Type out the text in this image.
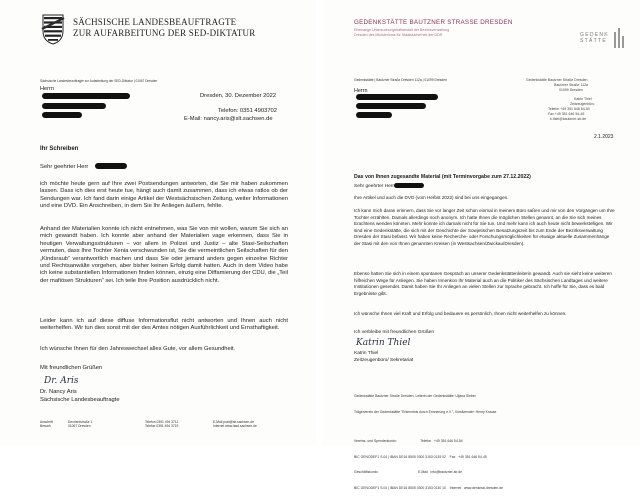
SÄCHSISCHE LANDESBEAUFTRAGTE
ZUR AUFARBEITUNG DER SED-DIKTATUR
Sächsische Landesbeauftragte zur Aufarbeitung der SED-Diktatur | 01067 Dresden
Herrn
Dresden, 30. Dezember 2022
Telefon: 0351 4903702
E-Mail: nancy.aris@slt.sachsen.de
Ihr Schreiben
Sehr geehrter Herr
ich möchte heute gern auf Ihre zwei Postsendungen antworten, die Sie mir haben zukommen lassen. Dass ich dies erst heute tue, hängt auch damit zusammen, dass ich etwas ratlos ob der Sendungen war. Ich fand darin einige Artikel der Westsächsischen Zeitung, weiter Informationen und eine DVD. Ein Anschreiben, in dem Sie Ihr Anliegen äußern, fehlte.
Anhand der Materialien konnte ich nicht entnehmen, was Sie von mir wollen, warum Sie sich an mich gewandt haben. Ich konnte aber anhand der Materialien vage erkennen, dass Sie in heutigen Verwaltungsstrukturen – vor allem in Polizei und Justiz – alte Stasi-Seilschaften vermuten, dass Ihre Tochter Xenia verschwunden ist, Sie die vermeintlichen Seilschaften für den „Kindsraub“ verantwortlich machen und dass Sie oder jemand anders gegen einzelne Richter und Rechtsanwälte vorgehen, aber bisher keinen Erfolg damit hatten. Auch in dem Video habe ich keine substantiellen Informationen finden können, einzig eine Diffamierung der CDU, die „Teil der mafiösen Strukturen“ sei. Ich teile Ihre Position ausdrücklich nicht.
Leider kann ich auf diese diffuse Informationsflut nicht antworten und Ihnen auch nicht weiterhelfen. Wir tun dies sonst mit der des Amtes nötigen Ausführlichkeit und Ernsthaftigkeit.
Ich wünsche Ihnen für den Jahreswechsel alles Gute, vor allem Gesundheit.
Mit freundlichen Grüßen
Dr. Aris
Dr. Nancy Aris
Sächsische Landesbeauftragte
Anschrift
Besuch
Devrientstraße 1
01067 Dresden
Telefon 0351 494 3711
Telefax 0351 494 3719
E-Mail post@slt.sachsen.de
Internet www.lasd.sachsen.de
GEDENKSTÄTTE BAUTZNER STRASSE DRESDEN
Ehemalige Untersuchungshaftanstalt der Bezirksverwaltung
Dresden des Ministeriums für Staatssicherheit der DDR	GEDENK
STÄTTE
Gedenkstätte | Bautzner Straße Dresden 112a | 01099 Dresden
Herrn
Gedenkstätte Bautzner Straße Dresden
Bautzner Straße 112a
01099 Dresden
Katrin Thiel
Zeitzeugenbüro
Telefon +49 351 646 54-54
Fax +49 351 646 54-45
k.thiel@bautzner-str.de
2.1.2023
Das von Ihnen zugesandte Material (mit Terminvorgabe zum 27.12.2022)
Sehr geehrter Herr
Ihre Artikel und auch die DVD (vom Herbst 2022) sind bei uns eingegangen.
Ich kann mich daran erinnern, dass Sie vor langer Zeit schon einmal in meinem Büro saßen und mir von den Vorgängen um Ihre Tochter erzählten. Damals allerdings noch anonym. Ich hatte Ihnen die möglichen Stellen genannt, an die Sie sich meines Erachtens wenden könnten. Mehr konnte ich damals nicht für Sie tun. Und mehr kann ich auch heute nicht bewerkstelligen. Wir sind eine Gedenkstätte, die sich mit der Geschichte der Sowjetischen Besatzungszeit bis zum Ende der Bezirksverwaltung Dresden der Stasi befasst. Wir haben keine Recherche- oder Forschungsmöglichkeiten für etwaige aktuelle Zusammenhänge der Stasi mit den von Ihnen genannten Kreisen (in Westsachsen/Zwickau/Dresden).
Ebenso hatten Sie sich in einem spontanen Gespräch an unserer Gedenkstättenleiterin gewandt. Auch sie sieht keine weiteren hilfreichen Wege für Anliegen. Sie haben Innenkon Ihr Material auch an die Politiker des Sächsischen Landtages und weitere Institutionen gesendet. Damit haben Sie Ihr Anliegen an vielen Stellen zur Sprache gebracht. Ich hoffe für Sie, dass es bald Ergebnisse gibt.
Ich wünsche Ihnen viel Kraft und Erfolg und bedauere es persönlich, Ihnen nicht weiterhelfen zu können.
Ich verbleibe mit freundlichen Grüßen
Katrin Thiel
Katrin Thiel
Zeitzeugenbüro/ Sekretariat

Gedenkstätte Bautzner Straße Dresden, Leiterin der Gedenkstätte: Uljana Sieber

Trägerverein der Gedenkstätte "Erkenntnis durch Erinnerung e.V.", Vorsitzender: Henry Krause

Vereins- und Spendenkonto:                         Telefon   +49 351 646 54-54

BIC GENODEF1 S.04 | IBAN DE16 8505 0300 3153 0135 02    Fax   +49 351 646 54-45

Geschäftskonto:                                          E-Mail   info@bautzner-str.de

BIC GENODEF1 S.04 | IBAN DE16 8505 0300 3153 0130 10    Internet   www.denkmal-dresden.de
